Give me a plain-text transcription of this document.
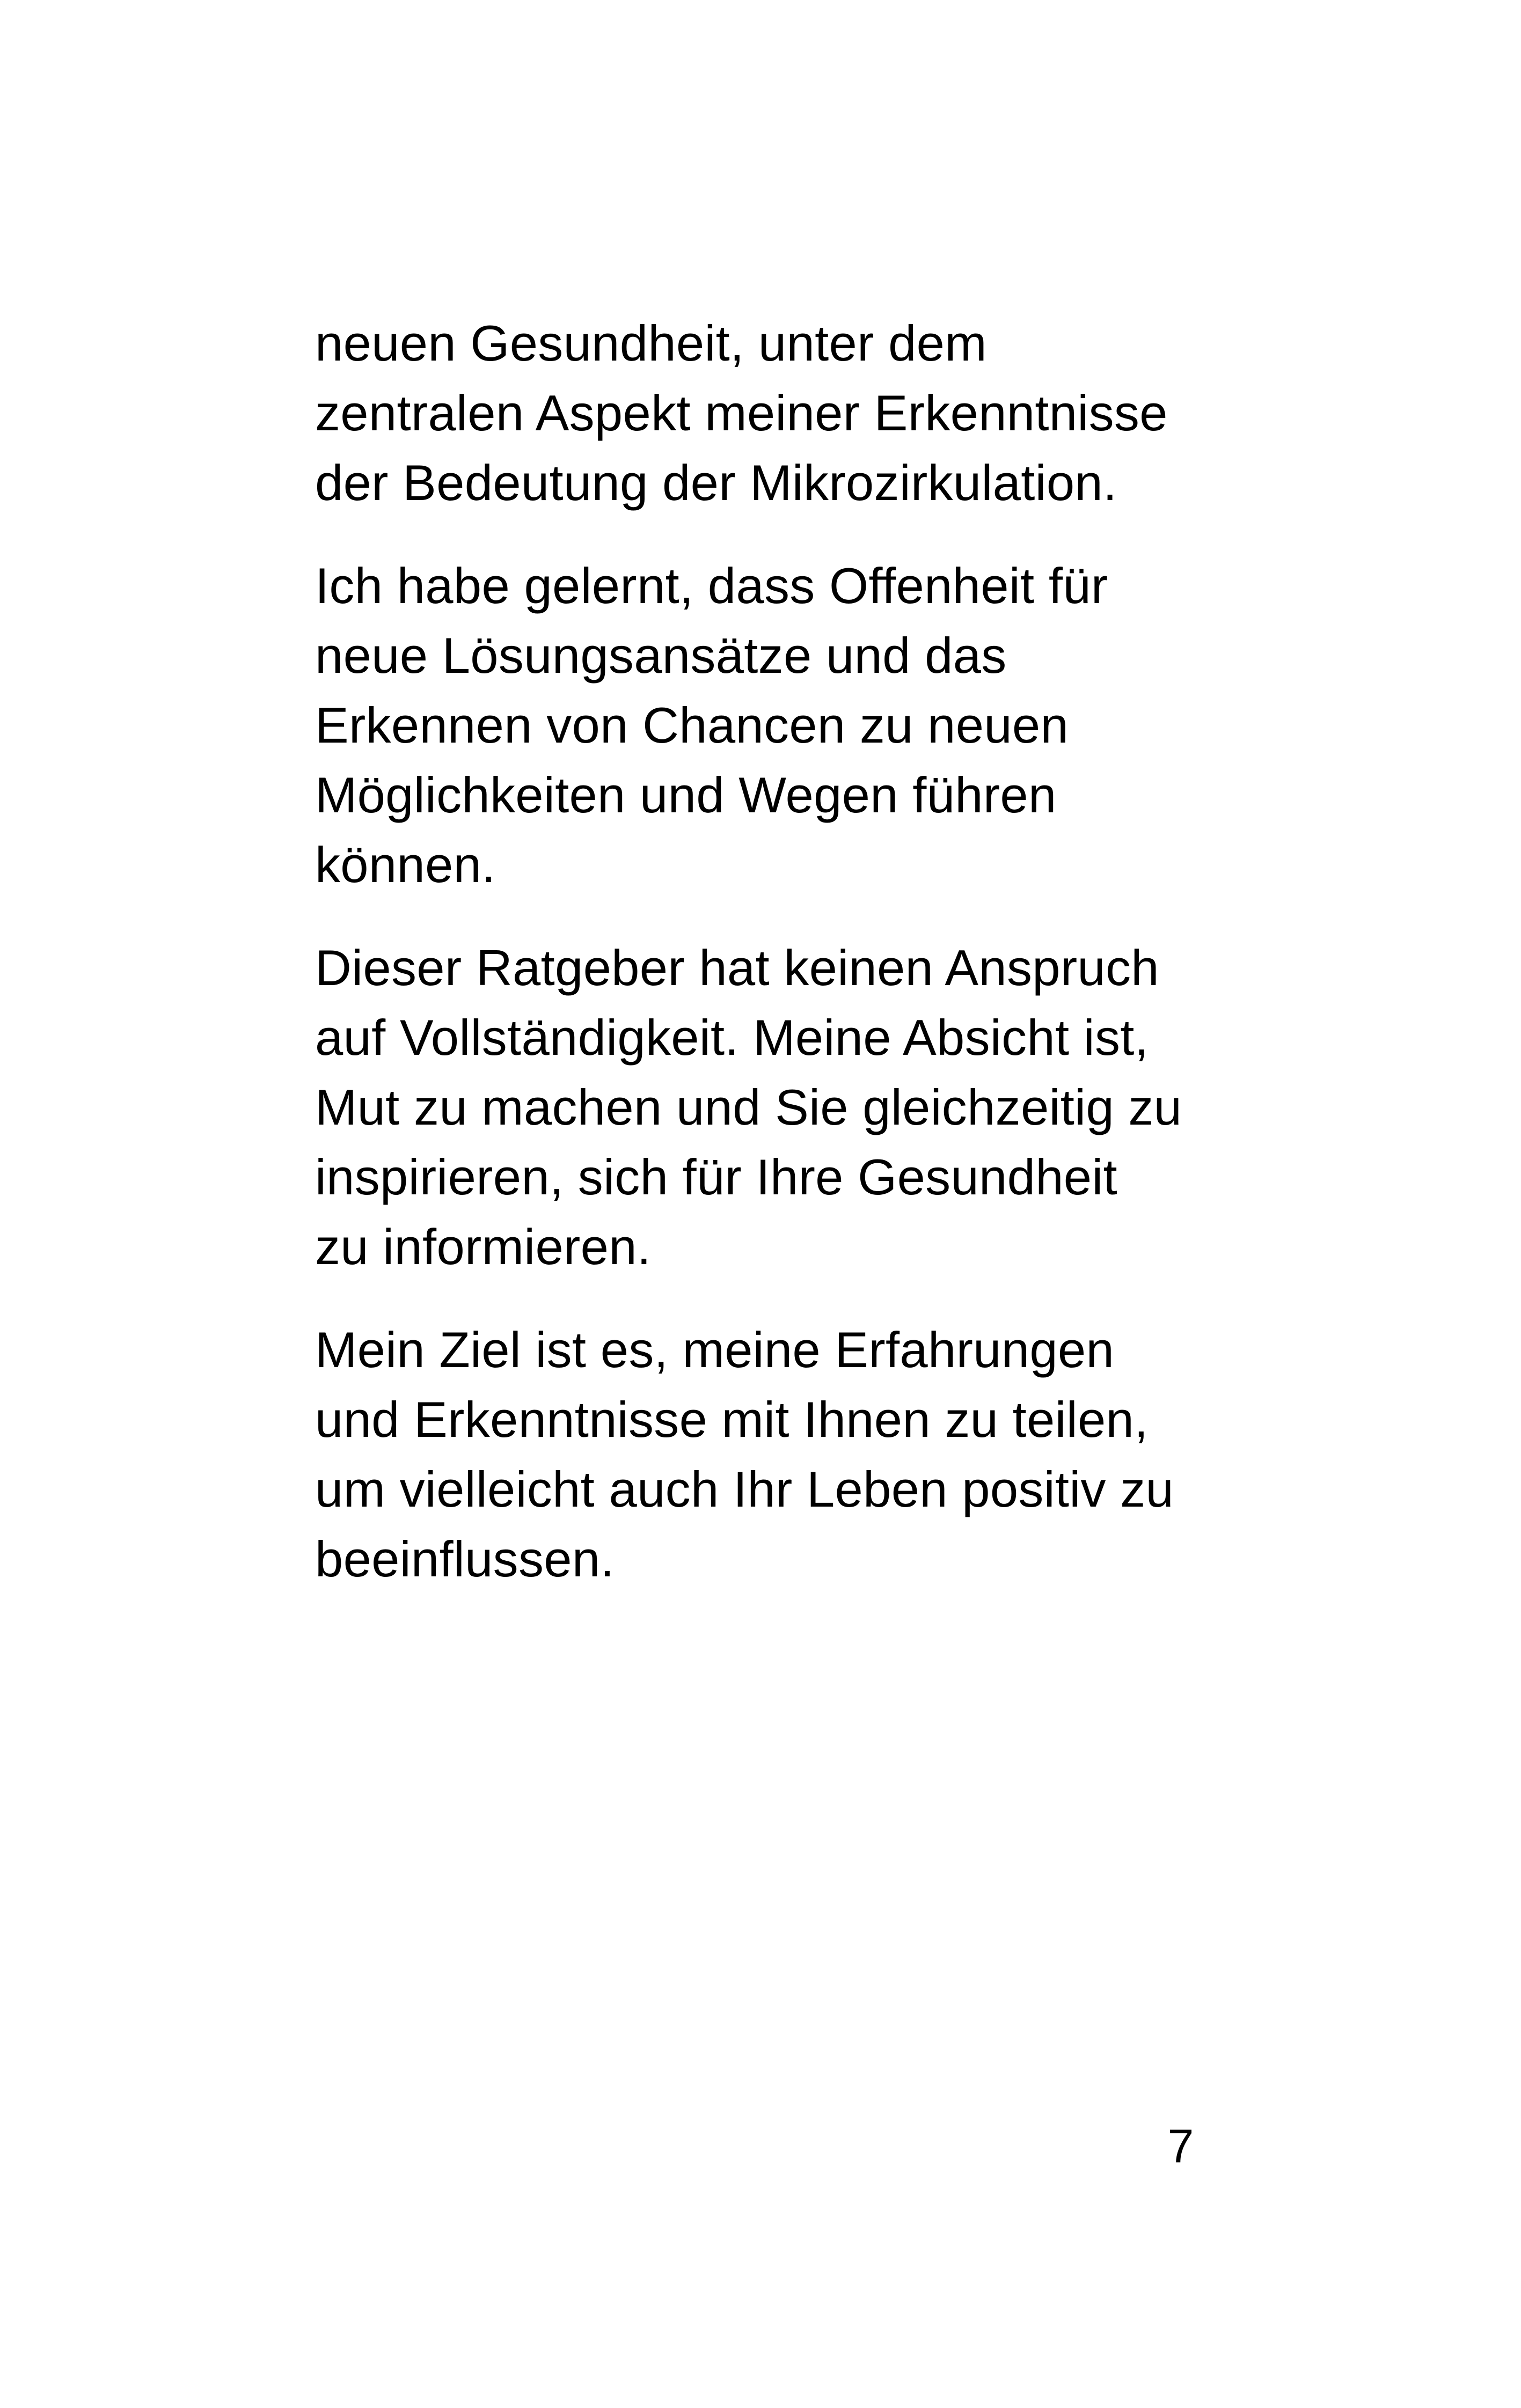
neuen Gesundheit, unter dem
zentralen Aspekt meiner Erkenntnisse
der Bedeutung der Mikrozirkulation.
Ich habe gelernt, dass Offenheit für
neue Lösungsansätze und das
Erkennen von Chancen zu neuen
Möglichkeiten und Wegen führen
können.
Dieser Ratgeber hat keinen Anspruch
auf Vollständigkeit. Meine Absicht ist,
Mut zu machen und Sie gleichzeitig zu
inspirieren, sich für Ihre Gesundheit
zu informieren.
Mein Ziel ist es, meine Erfahrungen
und Erkenntnisse mit Ihnen zu teilen,
um vielleicht auch Ihr Leben positiv zu
beeinflussen.
7
